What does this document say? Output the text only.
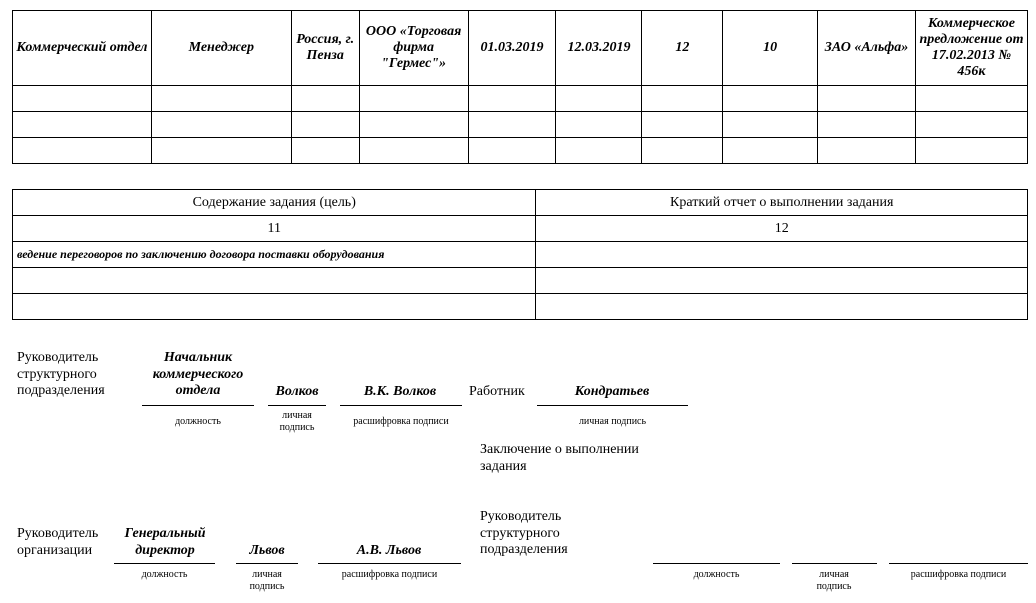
Коммерческий отдел	Менеджер	Россия, г. Пенза	ООО «Торговая фирма "Гермес"»	01.03.2019	12.03.2019	12	10	ЗАО «Альфа»	Коммерческое предложение от 17.02.2013 № 456к

Содержание задания (цель)	Краткий отчет о выполнении задания
11	12
ведение переговоров по заключению договора поставки оборудования	

Руководитель структурного подразделения
Начальник коммерческого отдела	Волков	В.К. Волков
должность
личная подпись
расшифровка подписи
Работник	Кондратьев
личная подпись
Заключение о выполнении задания
Руководитель организации
Генеральный директор	Львов	А.В. Львов
должность	личная подпись
расшифровка подписи
Руководитель структурного подразделения
должность	личная подпись
расшифровка подписи
